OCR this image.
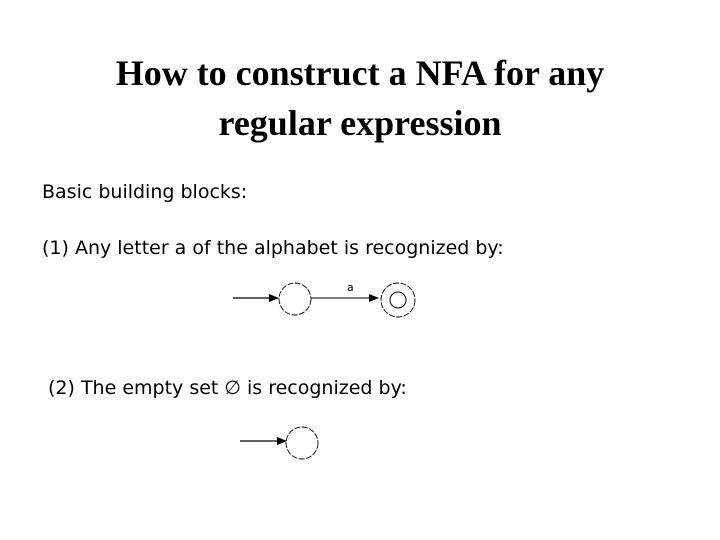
How to construct a NFA for any
regular expression
Basic building blocks:
(1) Any letter a of the alphabet is recognized by:
(2) The empty set ∅ is recognized by:
a
